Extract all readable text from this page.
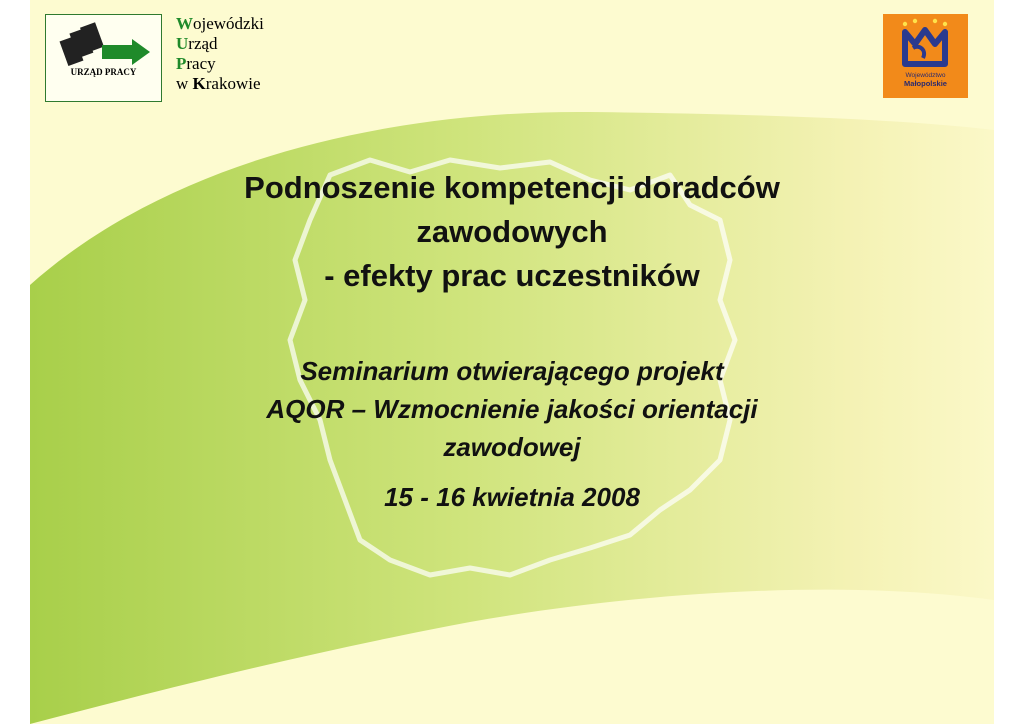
URZĄD PRACY
Wojewódzki
Urząd
Pracy
w Krakowie	Województwo
Małopolskie
Podnoszenie kompetencji doradców
zawodowych
- efekty prac uczestników
Seminarium otwierającego projekt
AQOR – Wzmocnienie jakości orientacji
zawodowej
15 - 16 kwietnia 2008
